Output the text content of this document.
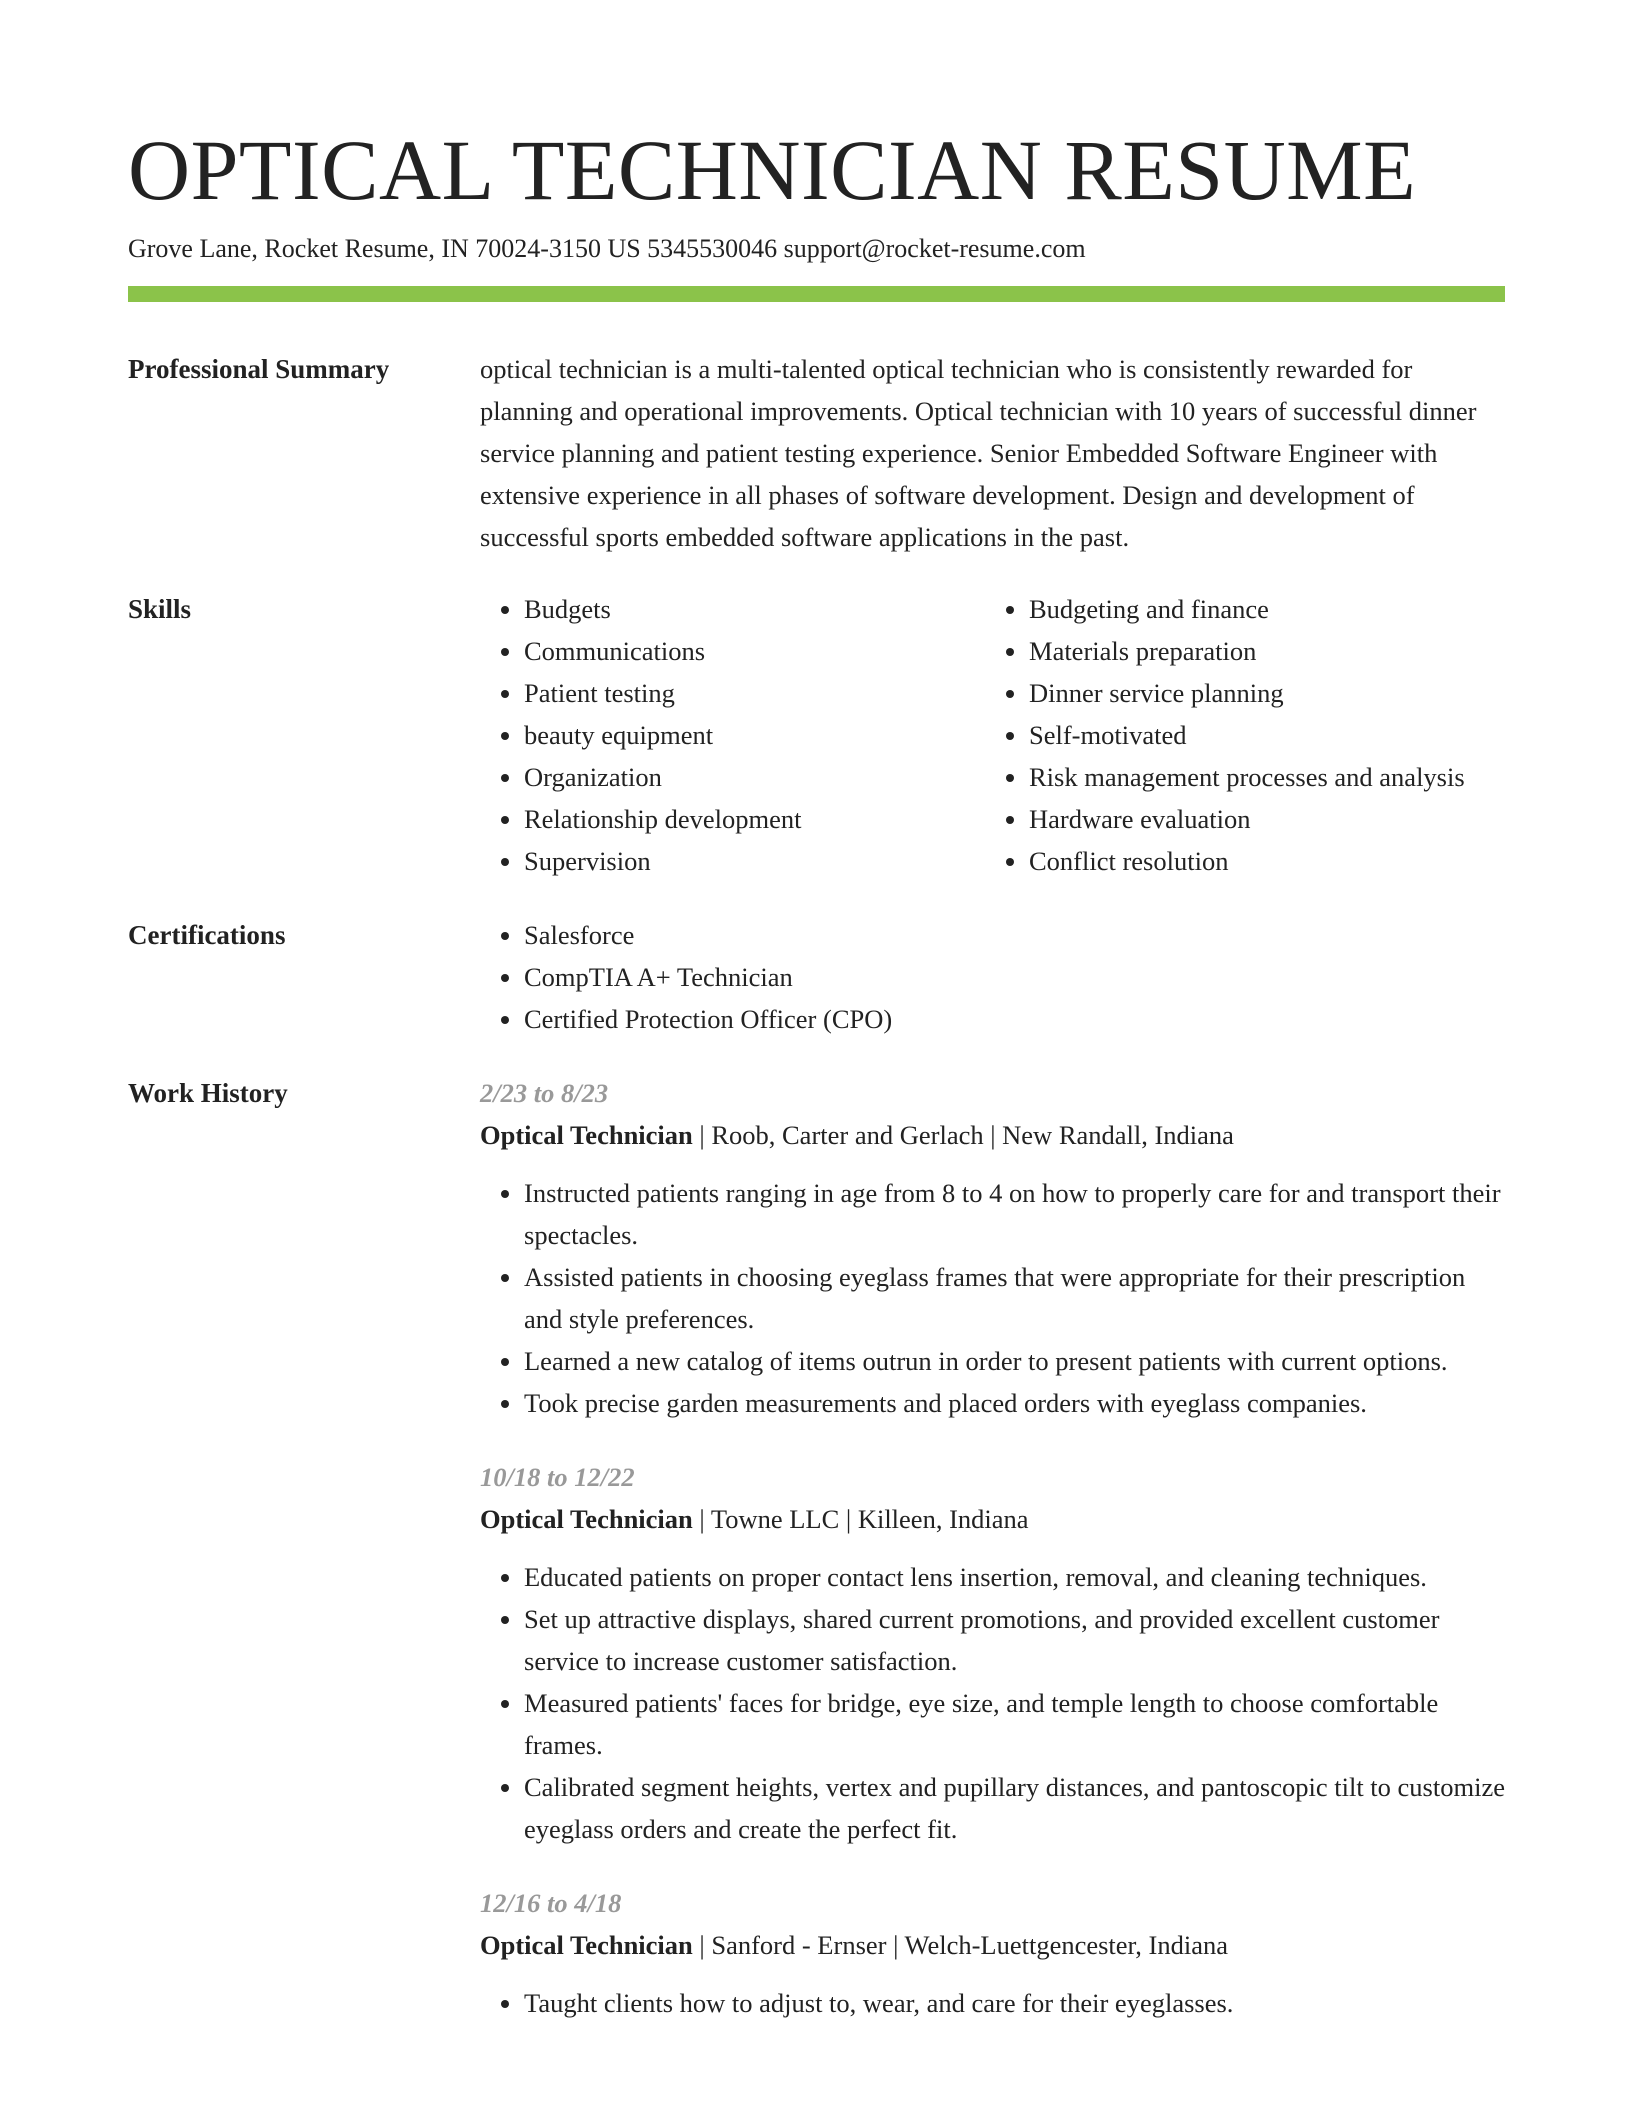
OPTICAL TECHNICIAN RESUME
Grove Lane, Rocket Resume, IN 70024-3150 US 5345530046 support@rocket-resume.com
Professional Summary	optical technician is a multi-talented optical technician who is consistently rewarded for planning and operational improvements. Optical technician with 10 years of successful dinner service planning and patient testing experience. Senior Embedded Software Engineer with extensive experience in all phases of software development. Design and development of successful sports embedded software applications in the past.

Skills	• Budgets
• Communications
• Patient testing
• beauty equipment
• Organization
• Relationship development
• Supervision
• Budgeting and finance
• Materials preparation
• Dinner service planning
• Self-motivated
• Risk management processes and analysis
• Hardware evaluation
• Conflict resolution
Certifications	• Salesforce
• CompTIA A+ Technician
• Certified Protection Officer (CPO)
Work History	2/23 to 8/23
Optical Technician | Roob, Carter and Gerlach | New Randall, Indiana
• Instructed patients ranging in age from 8 to 4 on how to properly care for and transport their spectacles.
• Assisted patients in choosing eyeglass frames that were appropriate for their prescription and style preferences.
• Learned a new catalog of items outrun in order to present patients with current options.
• Took precise garden measurements and placed orders with eyeglass companies.
10/18 to 12/22
Optical Technician | Towne LLC | Killeen, Indiana
• Educated patients on proper contact lens insertion, removal, and cleaning techniques.
• Set up attractive displays, shared current promotions, and provided excellent customer service to increase customer satisfaction.
• Measured patients' faces for bridge, eye size, and temple length to choose comfortable frames.
• Calibrated segment heights, vertex and pupillary distances, and pantoscopic tilt to customize eyeglass orders and create the perfect fit.
12/16 to 4/18
Optical Technician | Sanford - Ernser | Welch-Luettgencester, Indiana
• Taught clients how to adjust to, wear, and care for their eyeglasses.
